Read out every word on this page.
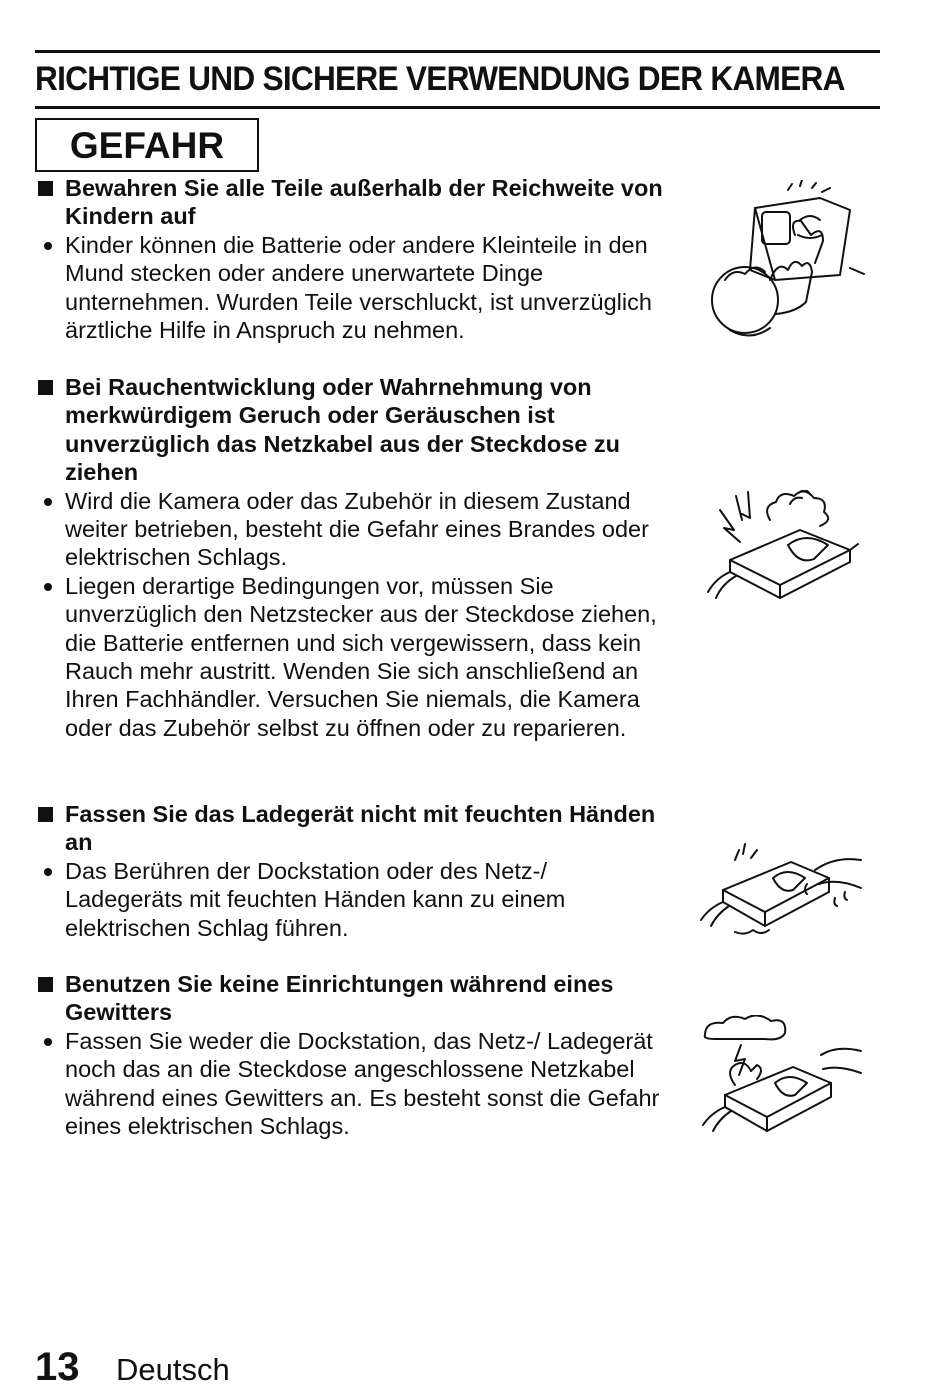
RICHTIGE UND SICHERE VERWENDUNG DER KAMERA
GEFAHR
Bewahren Sie alle Teile außerhalb der Reichweite von Kindern auf
Kinder können die Batterie oder andere Kleinteile in den Mund stecken oder andere unerwartete Dinge unternehmen. Wurden Teile verschluckt, ist unverzüglich ärztliche Hilfe in Anspruch zu nehmen.
Bei Rauchentwicklung oder Wahrnehmung von merkwürdigem Geruch oder Geräuschen ist unverzüglich das Netzkabel aus der Steckdose zu ziehen
Wird die Kamera oder das Zubehör in diesem Zustand weiter betrieben, besteht die Gefahr eines Brandes oder elektrischen Schlags.
Liegen derartige Bedingungen vor, müssen Sie unverzüglich den Netzstecker aus der Steckdose ziehen, die Batterie entfernen und sich vergewissern, dass kein Rauch mehr austritt. Wenden Sie sich anschließend an Ihren Fachhändler. Versuchen Sie niemals, die Kamera oder das Zubehör selbst zu öffnen oder zu reparieren.
Fassen Sie das Ladegerät nicht mit feuchten Händen an
Das Berühren der Dockstation oder des Netz-/ Ladegeräts mit feuchten Händen kann zu einem elektrischen Schlag führen.
Benutzen Sie keine Einrichtungen während eines Gewitters
Fassen Sie weder die Dockstation, das Netz-/ Ladegerät noch das an die Steckdose angeschlossene Netzkabel während eines Gewitters an. Es besteht sonst die Gefahr eines elektrischen Schlags.
13 Deutsch
